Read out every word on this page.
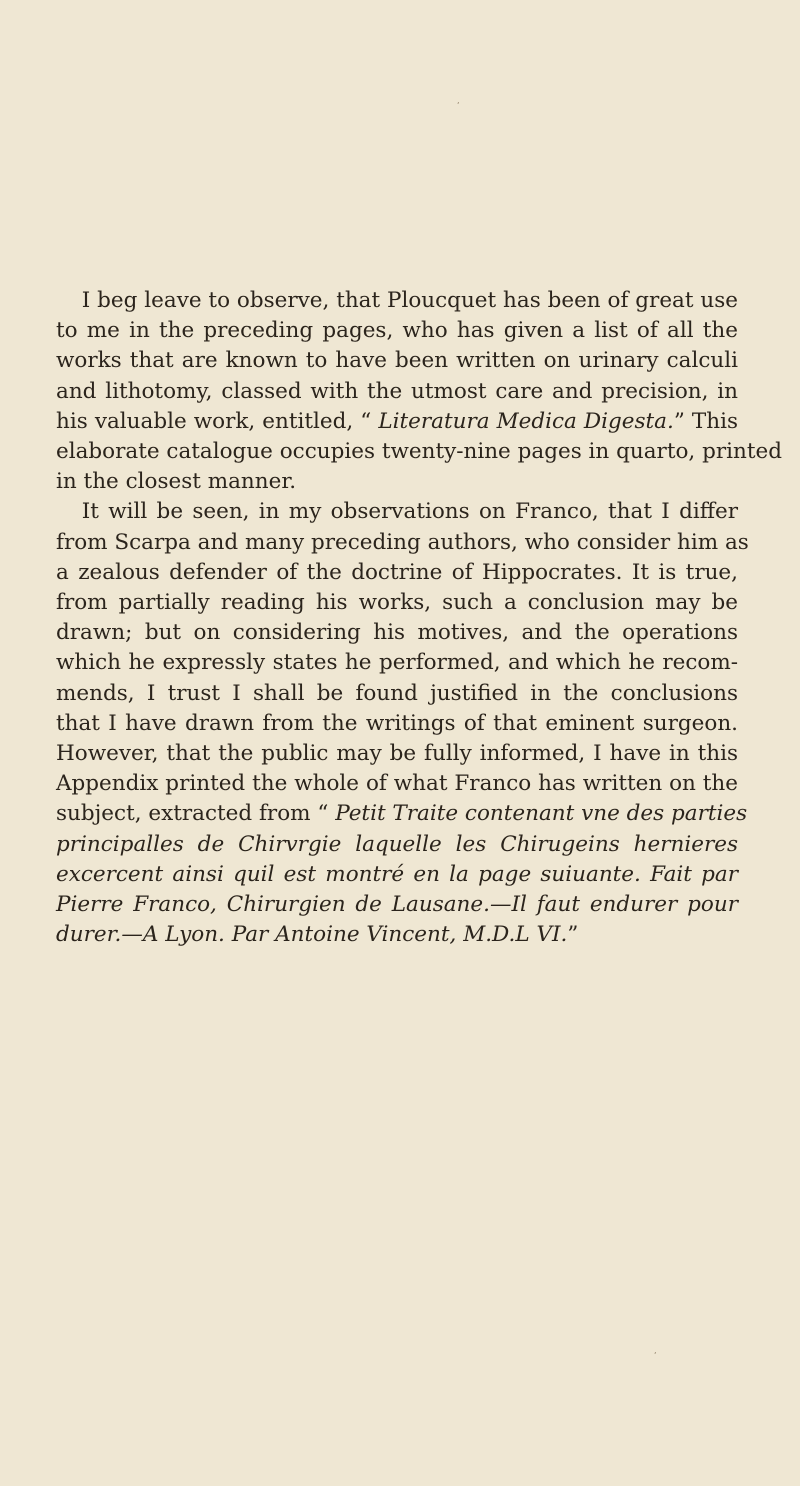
,
,

I beg leave to observe, that Ploucquet has been of great use
to me in the preceding pages, who has given a list of all the
works that are known to have been written on urinary calculi
and lithotomy, classed with the utmost care and precision, in
his valuable work, entitled, “ Literatura Medica Digesta.” This
elaborate catalogue occupies twenty-nine pages in quarto, printed
in the closest manner.

It will be seen, in my observations on Franco, that I differ
from Scarpa and many preceding authors, who consider him as
a zealous defender of the doctrine of Hippocrates. It is true,
from partially reading his works, such a conclusion may be
drawn; but on considering his motives, and the operations
which he expressly states he performed, and which he recom-
mends, I trust I shall be found justified in the conclusions
that I have drawn from the writings of that eminent surgeon.
However, that the public may be fully informed, I have in this
Appendix printed the whole of what Franco has written on the
subject, extracted from “ Petit Traite contenant vne des parties
principalles de Chirvrgie laquelle les Chirugeins hernieres
excercent ainsi quil est montré en la page suiuante. Fait par
Pierre Franco, Chirurgien de Lausane.—Il faut endurer pour
durer.—A Lyon. Par Antoine Vincent, M.D.L VI.”
